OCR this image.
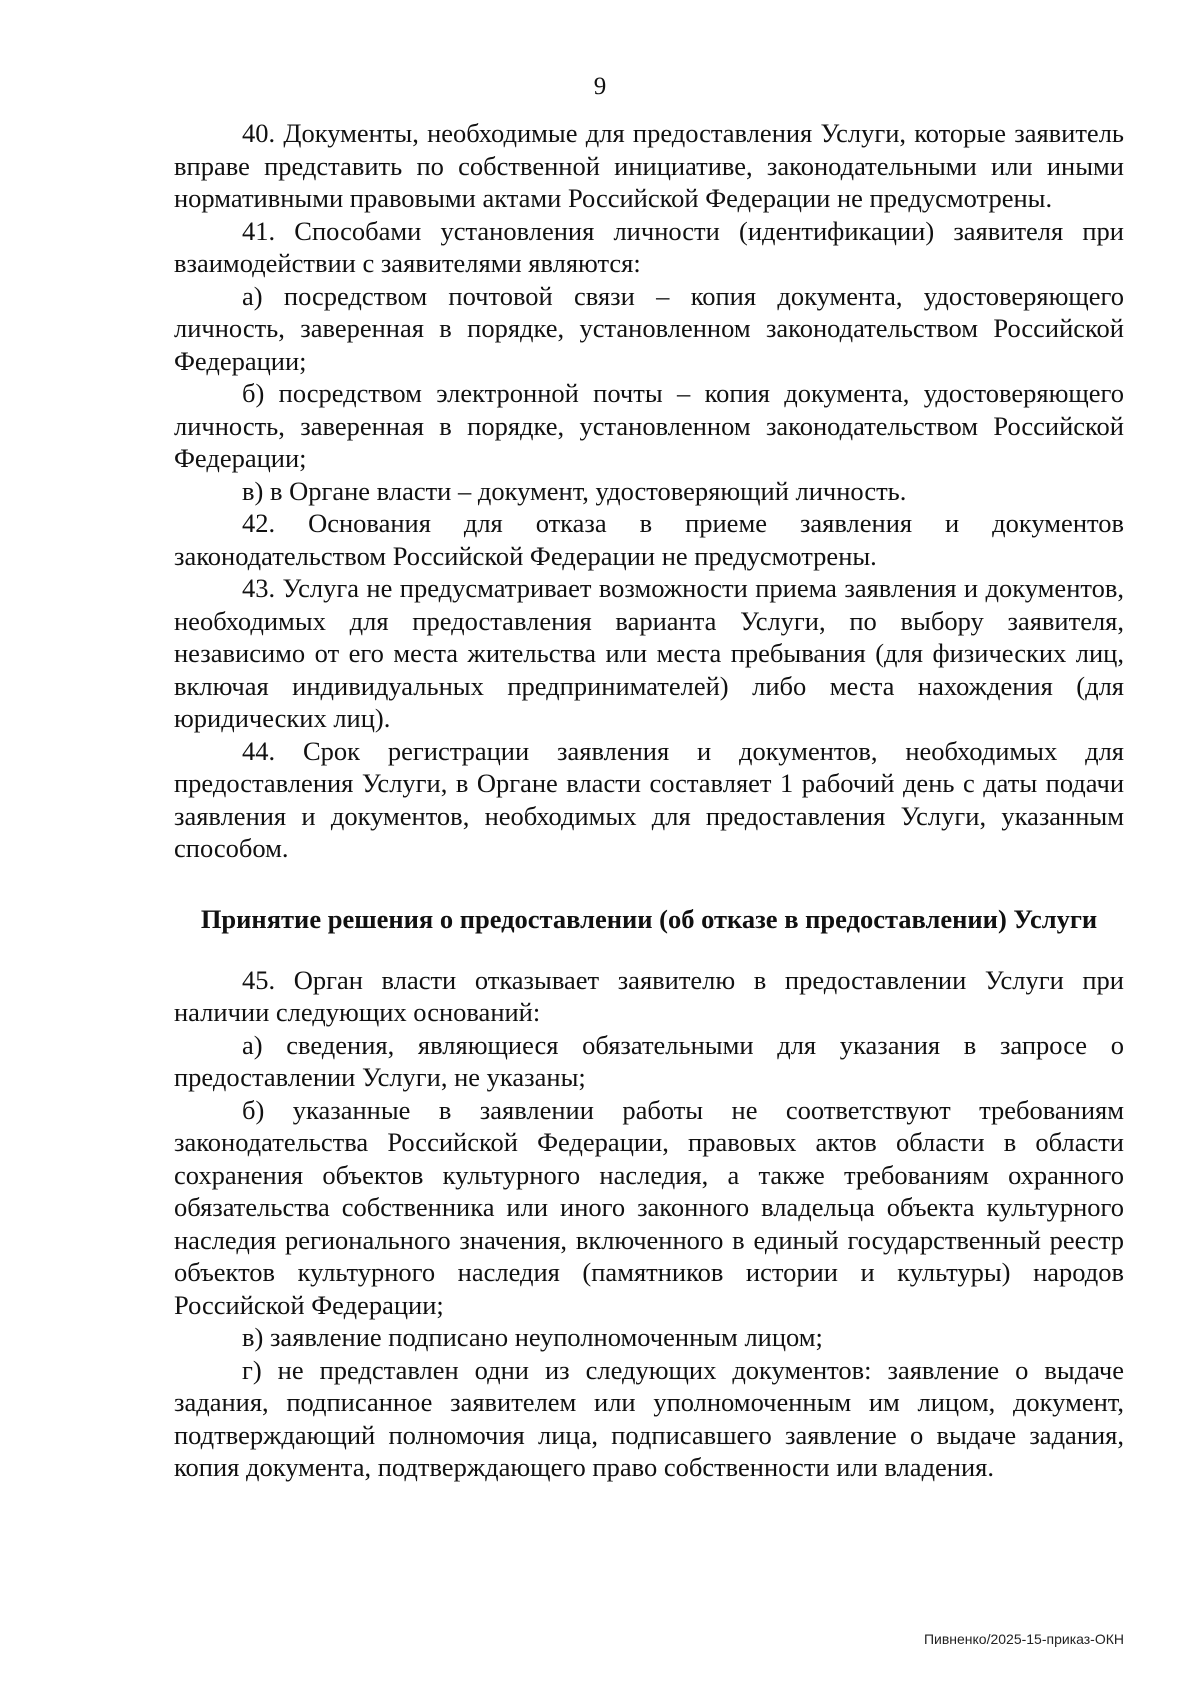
9

40. Документы, необходимые для предоставления Услуги, которые заявитель вправе представить по собственной инициативе, законодательными или иными нормативными правовыми актами Российской Федерации не предусмотрены.

41. Способами установления личности (идентификации) заявителя при взаимодействии с заявителями являются:

а) посредством почтовой связи – копия документа, удостоверяющего личность, заверенная в порядке, установленном законодательством Российской Федерации;

б) посредством электронной почты – копия документа, удостоверяющего личность, заверенная в порядке, установленном законодательством Российской Федерации;

в) в Органе власти – документ, удостоверяющий личность.

42. Основания для отказа в приеме заявления и документов законодательством Российской Федерации не предусмотрены.

43. Услуга не предусматривает возможности приема заявления и документов, необходимых для предоставления варианта Услуги, по выбору заявителя, независимо от его места жительства или места пребывания (для физических лиц, включая индивидуальных предпринимателей) либо места нахождения (для юридических лиц).

44. Срок регистрации заявления и документов, необходимых для предоставления Услуги, в Органе власти составляет 1 рабочий день с даты подачи заявления и документов, необходимых для предоставления Услуги, указанным способом.

Принятие решения о предоставлении (об отказе в предоставлении) Услуги

45. Орган власти отказывает заявителю в предоставлении Услуги при наличии следующих оснований:

а) сведения, являющиеся обязательными для указания в запросе о предоставлении Услуги, не указаны;

б) указанные в заявлении работы не соответствуют требованиям законодательства Российской Федерации, правовых актов области в области сохранения объектов культурного наследия, а также требованиям охранного обязательства собственника или иного законного владельца объекта культурного наследия регионального значения, включенного в единый государственный реестр объектов культурного наследия (памятников истории и культуры) народов Российской Федерации;

в) заявление подписано неуполномоченным лицом;

г) не представлен одни из следующих документов: заявление о выдаче задания, подписанное заявителем или уполномоченным им лицом, документ, подтверждающий полномочия лица, подписавшего заявление о выдаче задания, копия документа, подтверждающего право собственности или владения.

Пивненко/2025-15-приказ-ОКН
